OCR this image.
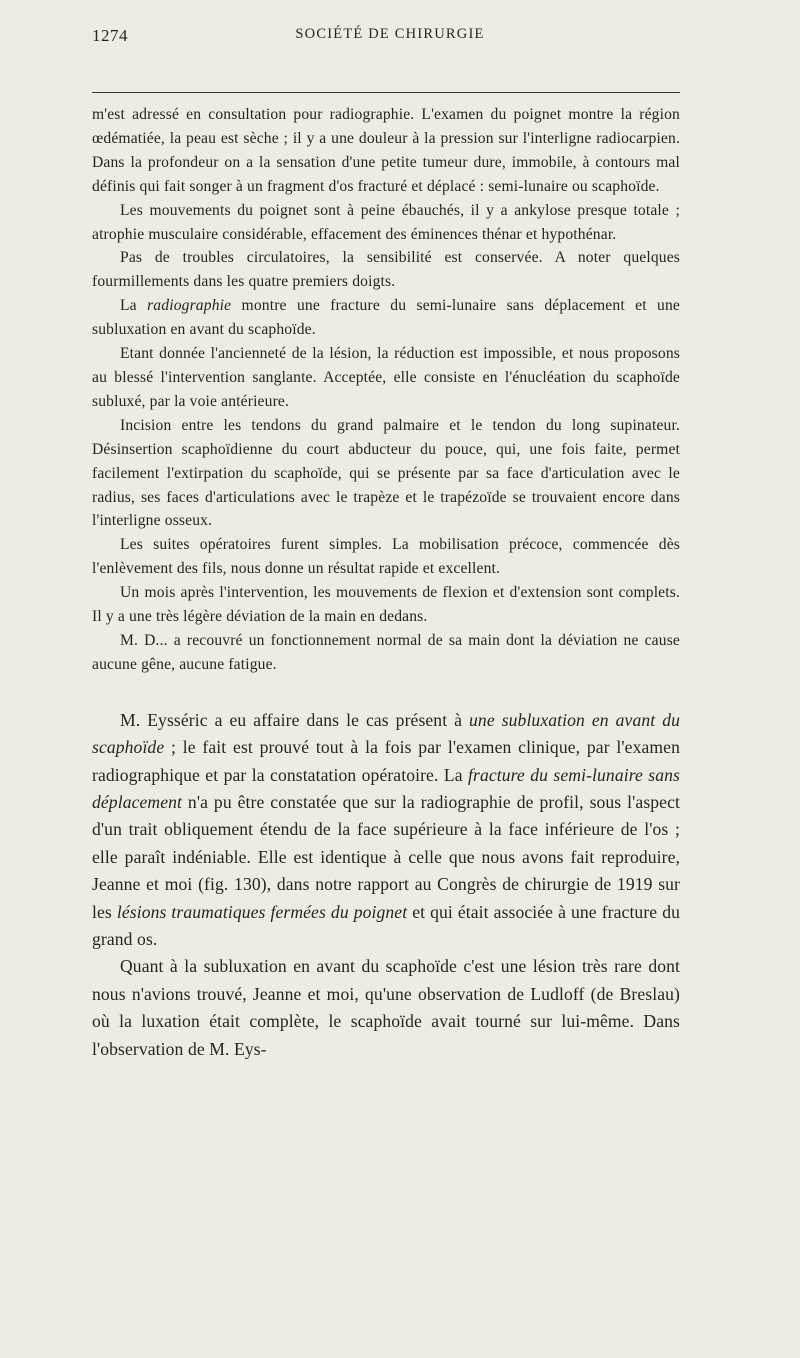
1274	SOCIÉTÉ DE CHIRURGIE

m'est adressé en consultation pour radiographie. L'examen du poignet montre la région œdématiée, la peau est sèche ; il y a une douleur à la pression sur l'interligne radiocarpien. Dans la profondeur on a la sensation d'une petite tumeur dure, immobile, à contours mal définis qui fait songer à un fragment d'os fracturé et déplacé : semi-lunaire ou scaphoïde.

Les mouvements du poignet sont à peine ébauchés, il y a ankylose presque totale ; atrophie musculaire considérable, effacement des éminences thénar et hypothénar.

Pas de troubles circulatoires, la sensibilité est conservée. A noter quelques fourmillements dans les quatre premiers doigts.

La radiographie montre une fracture du semi-lunaire sans déplacement et une subluxation en avant du scaphoïde.

Etant donnée l'ancienneté de la lésion, la réduction est impossible, et nous proposons au blessé l'intervention sanglante. Acceptée, elle consiste en l'énucléation du scaphoïde subluxé, par la voie antérieure.

Incision entre les tendons du grand palmaire et le tendon du long supinateur. Désinsertion scaphoïdienne du court abducteur du pouce, qui, une fois faite, permet facilement l'extirpation du scaphoïde, qui se présente par sa face d'articulation avec le radius, ses faces d'articulations avec le trapèze et le trapézoïde se trouvaient encore dans l'interligne osseux.

Les suites opératoires furent simples. La mobilisation précoce, commencée dès l'enlèvement des fils, nous donne un résultat rapide et excellent.

Un mois après l'intervention, les mouvements de flexion et d'extension sont complets. Il y a une très légère déviation de la main en dedans.

M. D... a recouvré un fonctionnement normal de sa main dont la déviation ne cause aucune gêne, aucune fatigue.

M. Eysséric a eu affaire dans le cas présent à une subluxation en avant du scaphoïde ; le fait est prouvé tout à la fois par l'examen clinique, par l'examen radiographique et par la constatation opératoire. La fracture du semi-lunaire sans déplacement n'a pu être constatée que sur la radiographie de profil, sous l'aspect d'un trait obliquement étendu de la face supérieure à la face inférieure de l'os ; elle paraît indéniable. Elle est identique à celle que nous avons fait reproduire, Jeanne et moi (fig. 130), dans notre rapport au Congrès de chirurgie de 1919 sur les lésions traumatiques fermées du poignet et qui était associée à une fracture du grand os.

Quant à la subluxation en avant du scaphoïde c'est une lésion très rare dont nous n'avions trouvé, Jeanne et moi, qu'une observation de Ludloff (de Breslau) où la luxation était complète, le scaphoïde avait tourné sur lui-même. Dans l'observation de M. Eys-
